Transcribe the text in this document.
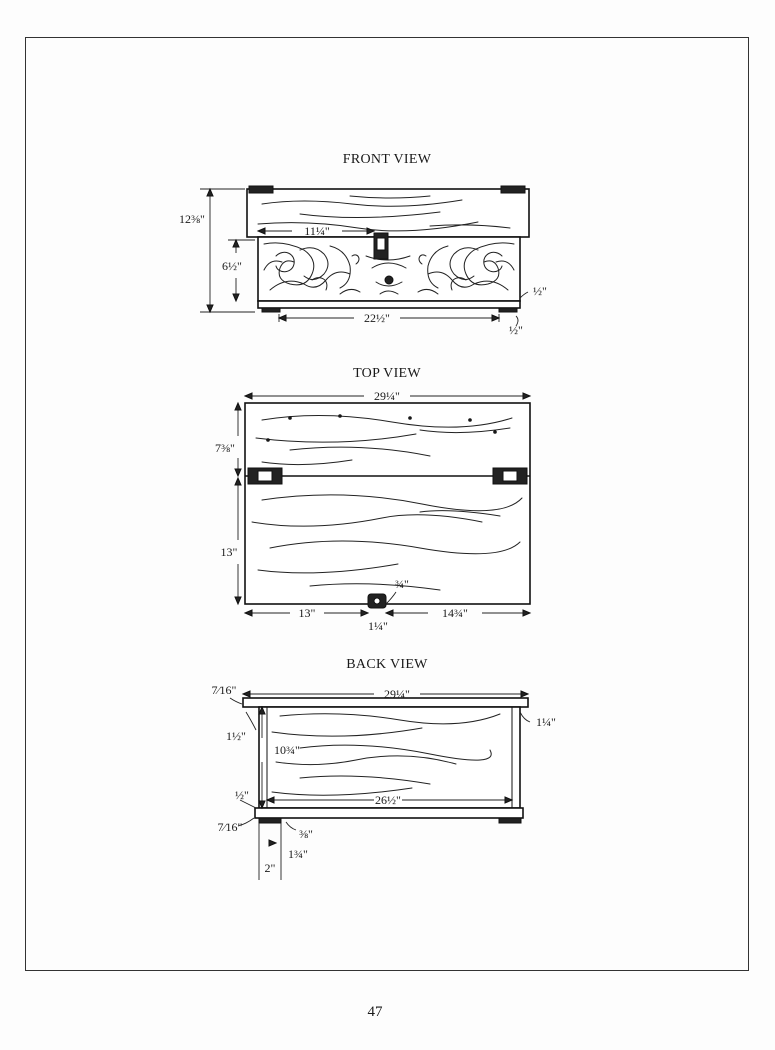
FRONT VIEW
12⅜"
6½"
11¼"
22½"
½"
½"
TOP VIEW
29¼"
7⅜"
13"
13"	14¾"
1¼"
¾"
BACK VIEW
29¼"
7⁄16"
1¼"
1½"
10¾"
26½"
½"
7⁄16"	⅜"
1¾"
2"
47
